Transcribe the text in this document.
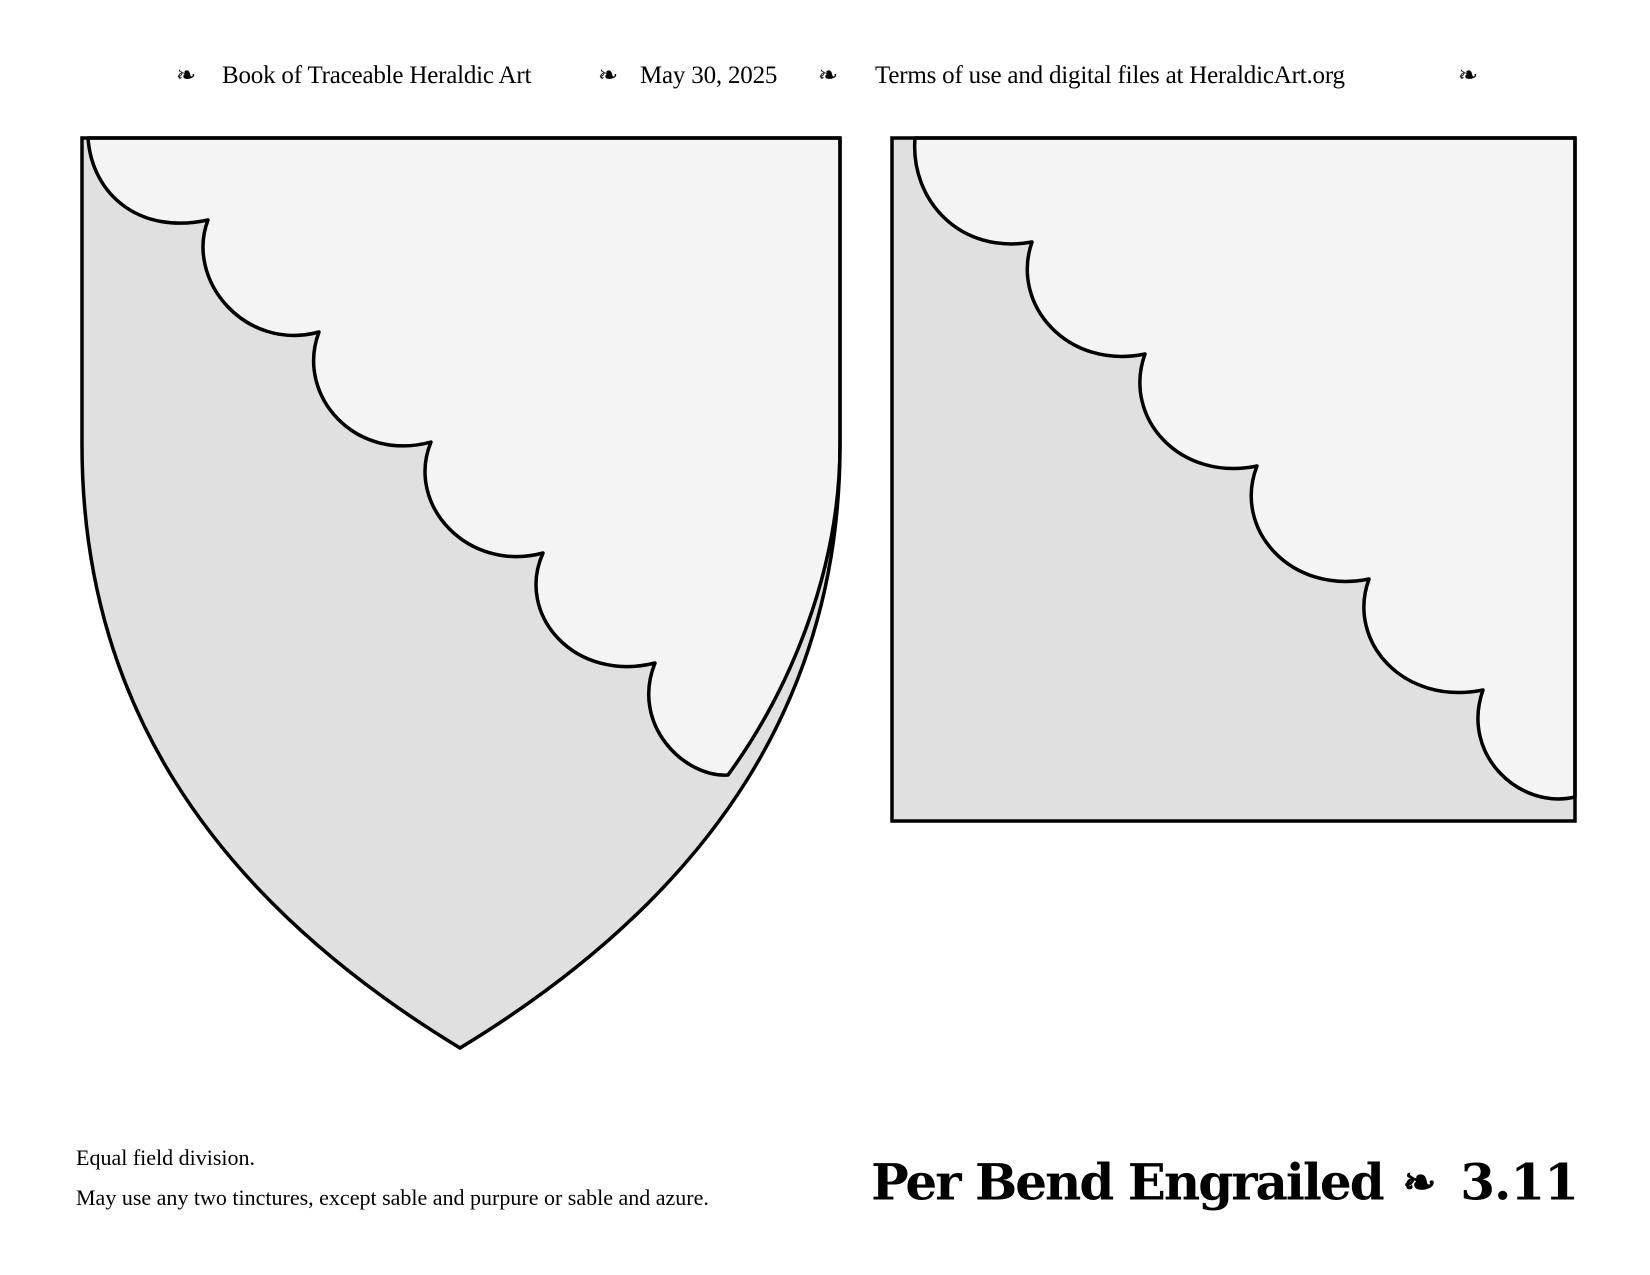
❧ Book of Traceable Heraldic Art	❧ May 30, 2025 ❧ Terms of use and digital files at HeraldicArt.org	❧
Equal field division.
May use any two tinctures, except sable and purpure or sable and azure.	Per Bend Engrailed ❧ 3.11
